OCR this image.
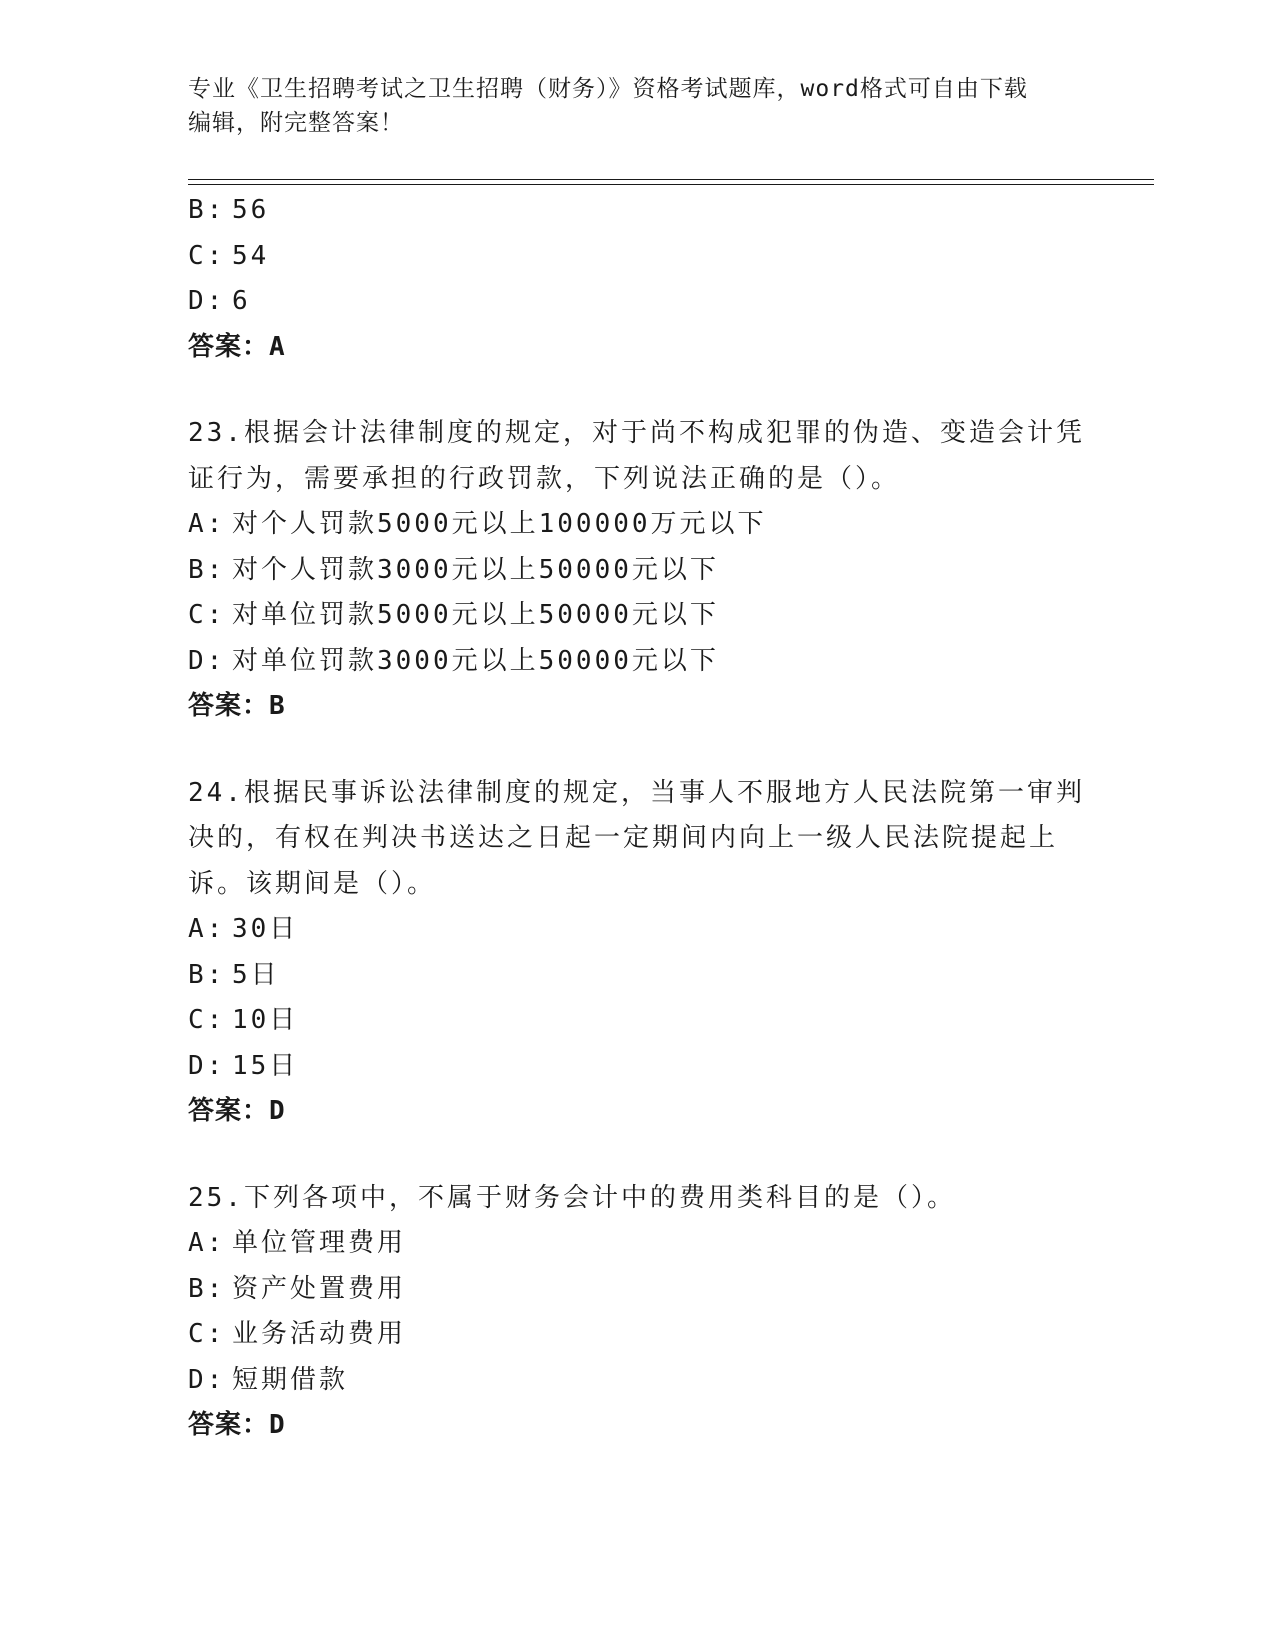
专业《卫生招聘考试之卫生招聘（财务）》资格考试题库，word格式可自由下载
编辑，附完整答案！
B: 56
C: 54
D: 6
答案：A
23.根据会计法律制度的规定，对于尚不构成犯罪的伪造、变造会计凭
证行为，需要承担的行政罚款，下列说法正确的是（）。
A: 对个人罚款5000元以上100000万元以下
B: 对个人罚款3000元以上50000元以下
C: 对单位罚款5000元以上50000元以下
D: 对单位罚款3000元以上50000元以下
答案：B
24.根据民事诉讼法律制度的规定，当事人不服地方人民法院第一审判
决的，有权在判决书送达之日起一定期间内向上一级人民法院提起上
诉。该期间是（）。
A: 30日
B: 5日
C: 10日
D: 15日
答案：D
25.下列各项中，不属于财务会计中的费用类科目的是（）。
A: 单位管理费用
B: 资产处置费用
C: 业务活动费用
D: 短期借款
答案：D
